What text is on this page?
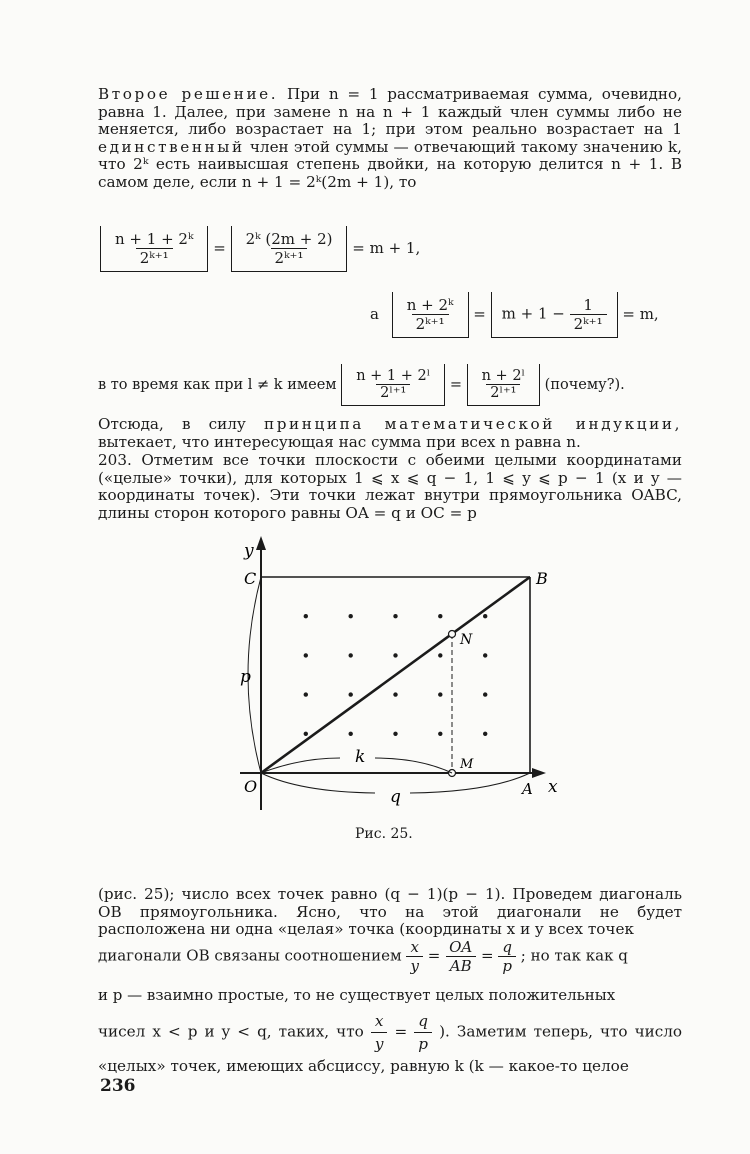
Второе решение. При n = 1 рассматриваемая сумма, очевидно, равна 1. Далее, при замене n на n + 1 каждый член суммы либо не меняется, либо возрастает на 1; при этом реально возрастает на 1 единственный член этой суммы — отвечающий такому значению k, что 2ᵏ есть наивысшая степень двойки, на которую делится n + 1. В самом деле, если n + 1 = 2ᵏ(2m + 1), то
$\frac{\text{n + 1 + 2ᵏ}}{\text{2ᵏ⁺¹}} = \frac{\text{2ᵏ (2m + 2)}}{\text{2ᵏ⁺¹}} = m + 1$,
а $\frac{\text{n + 2ᵏ}}{\text{2ᵏ⁺¹}} = m + 1 - \frac{1}{\text{2ᵏ⁺¹}} = m$,
в то время как при l ≠ k имеем $\frac{\text{n + 1 + 2ˡ}}{\text{2ˡ⁺¹}} = \frac{\text{n + 2ˡ}}{\text{2ˡ⁺¹}}$ (почему?).
Отсюда, в силу принципа математической индукции, вытекает, что интересующая нас сумма при всех n равна n.
203. Отметим все точки плоскости с обеими целыми координатами («целые» точки), для которых 1 ⩽ x ⩽ q − 1, 1 ⩽ y ⩽ p − 1 (x и y — координаты точек). Эти точки лежат внутри прямоугольника OABC, длины сторон которого равны OA = q и OC = p
y
x
C	B
N
M
O	A
p
q
k
Рис. 25.
(рис. 25); число всех точек равно (q − 1)(p − 1). Проведем диагональ OB прямоугольника. Ясно, что на этой диагонали не будет расположена ни одна «целая» точка (координаты x и y всех точек
диагонали OB связаны соотношением $\frac{x}{y} = \frac{OA}{AB} = \frac{q}{p}$ ; но так как q
и p — взаимно простые, то не существует целых положительных
чисел x < p и y < q, таких, что $\frac{x}{y} = \frac{q}{p}$ ). Заметим теперь, что число «целых» точек, имеющих абсциссу, равную k (k — какое-то целое
236
